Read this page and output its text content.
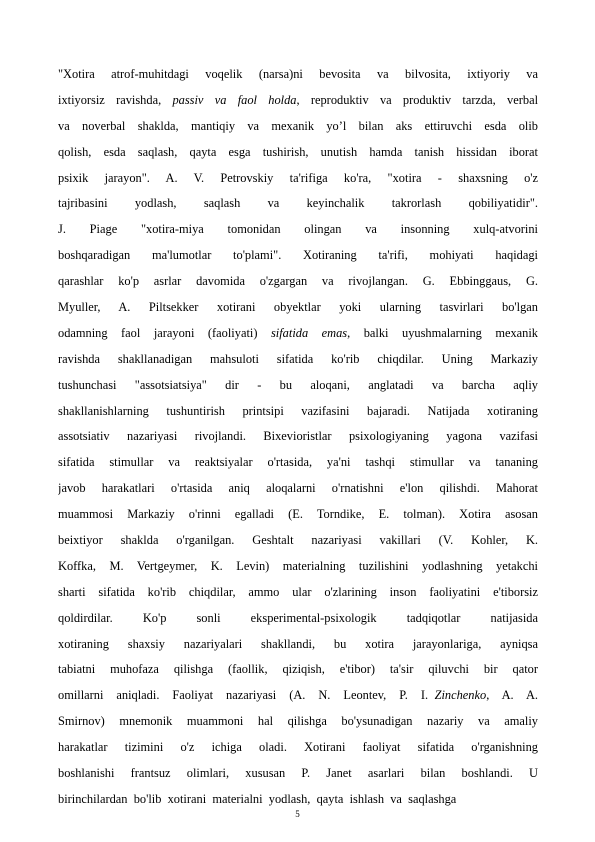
"Xotira  atrof-muhitdagi  voqelik  (narsa)ni  bevosita  va  bilvosita,  ixtiyoriy  va
ixtiyorsiz ravishda, passiv va faol holda, reproduktiv va produktiv tarzda, verbal
va  noverbal  shaklda,  mantiqiy  va  mexanik  yo’l  bilan  aks  ettiruvchi  esda  olib
qolish, esda saqlash, qayta esga tushirish, unutish hamda tanish hissidan iborat
psixik  jarayon".  A.  V.  Petrovskiy  ta'rifiga  ko'ra,  "xotira  -  shaxsning  o'z
tajribasini   yodlash,   saqlash   va   keyinchalik   takrorlash   qobiliyatidir".
J.   Piage   "xotira-miya   tomonidan   olingan   va   insonning   xulq-atvorini
boshqaradigan  ma'lumotlar  to'plami".  Xotiraning  ta'rifi,  mohiyati  haqidagi
qarashlar  ko'p  asrlar  davomida  o'zgargan  va  rivojlangan.  G.  Ebbinggaus,  G.
Myuller,  A.  Piltsekker  xotirani  obyektlar  yoki  ularning  tasvirlari  bo'lgan
odamning faol jarayoni (faoliyati) sifatida emas, balki uyushmalarning mexanik
ravishda  shakllanadigan  mahsuloti  sifatida  ko'rib  chiqdilar.  Uning  Markaziy
tushunchasi  "assotsiatsiya"  dir  -  bu  aloqani,  anglatadi  va  barcha  aqliy
shakllanishlarning tushuntirish printsipi vazifasini bajaradi. Natijada xotiraning
assotsiativ nazariyasi rivojlandi. Bixevioristlar psixologiyaning yagona vazifasi
sifatida  stimullar  va  reaktsiyalar  o'rtasida,  ya'ni  tashqi  stimullar  va  tananing
javob  harakatlari  o'rtasida  aniq  aloqalarni  o'rnatishni  e'lon  qilishdi.  Mahorat
muammosi  Markaziy  o'rinni  egalladi  (E.  Torndike,  E.  tolman).  Xotira  asosan
beixtiyor  shaklda  o'rganilgan.  Geshtalt  nazariyasi  vakillari  (V.  Kohler,  K.
Koffka, M. Vertgeymer, K. Levin) materialning tuzilishini yodlashning yetakchi
sharti sifatida ko'rib chiqdilar, ammo ular o'zlarining inson faoliyatini e'tiborsiz
qoldirdilar.    Ko'p    sonli    eksperimental-psixologik    tadqiqotlar    natijasida
xotiraning  shaxsiy  nazariyalari  shakllandi,  bu  xotira  jarayonlariga,  ayniqsa
tabiatni  muhofaza  qilishga  (faollik,  qiziqish,  e'tibor)  ta'sir  qiluvchi  bir  qator
omillarni  aniqladi.  Faoliyat  nazariyasi  (A.  N.  Leontev,  P.  I. Zinchenko,  A.  A.
Smirnov) mnemonik muammoni hal qilishga bo'ysunadigan nazariy va amaliy
harakatlar  tizimini  o'z  ichiga  oladi.  Xotirani  faoliyat  sifatida  o'rganishning
boshlanishi  frantsuz  olimlari,  xususan  P.  Janet  asarlari  bilan  boshlandi.  U
birinchilardan  bo'lib  xotirani  materialni  yodlash,  qayta  ishlash  va  saqlashga
5
